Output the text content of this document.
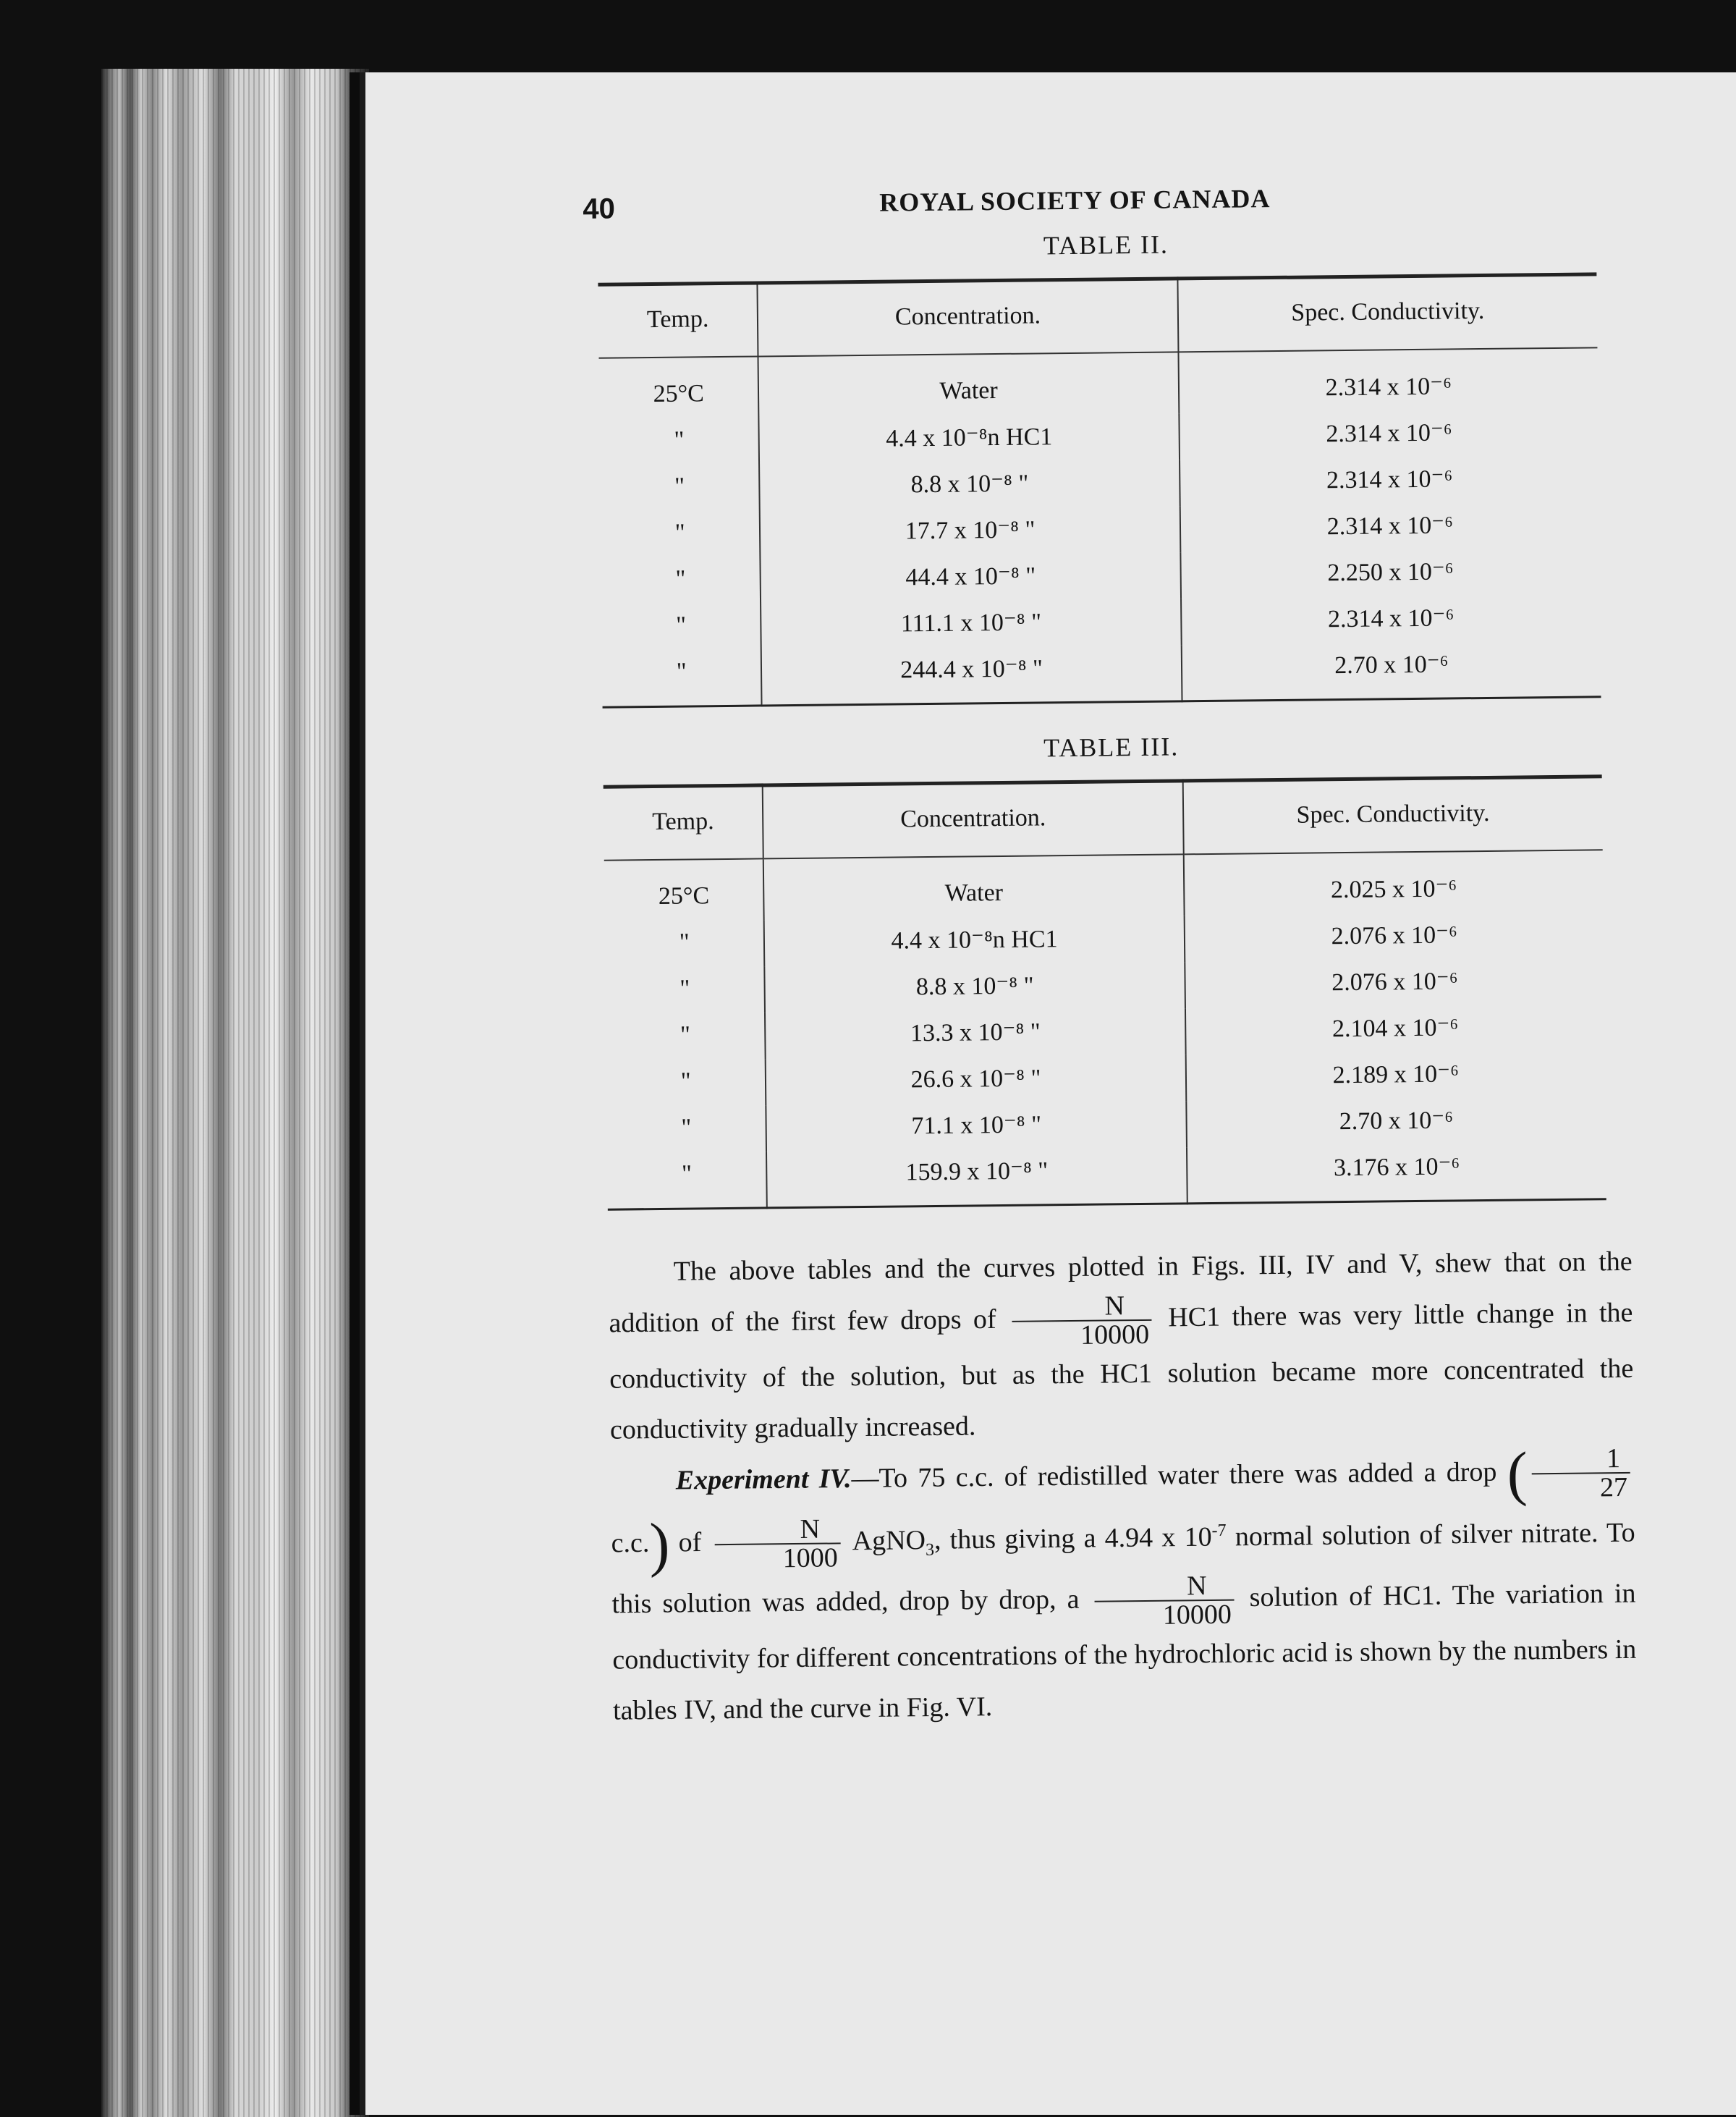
40	ROYAL SOCIETY OF CANADA
TABLE II.
Temp.	Concentration.	Spec. Conductivity.
25°C	Water	2.314 x 10⁻⁶
"	4.4 x 10⁻⁸n HC1	2.314 x 10⁻⁶
"	8.8 x 10⁻⁸ "	2.314 x 10⁻⁶
"	17.7 x 10⁻⁸ "	2.314 x 10⁻⁶
"	44.4 x 10⁻⁸ "	2.250 x 10⁻⁶
"	111.1 x 10⁻⁸ "	2.314 x 10⁻⁶
"	244.4 x 10⁻⁸ "	2.70 x 10⁻⁶
TABLE III.
Temp.	Concentration.	Spec. Conductivity.
25°C	Water	2.025 x 10⁻⁶
"	4.4 x 10⁻⁸n HC1	2.076 x 10⁻⁶
"	8.8 x 10⁻⁸ "	2.076 x 10⁻⁶
"	13.3 x 10⁻⁸ "	2.104 x 10⁻⁶
"	26.6 x 10⁻⁸ "	2.189 x 10⁻⁶
"	71.1 x 10⁻⁸ "	2.70 x 10⁻⁶
"	159.9 x 10⁻⁸ "	3.176 x 10⁻⁶

The above tables and the curves plotted in Figs. III, IV and V, shew that on the addition of the first few drops of $\frac{N}{10000} HC1$ there was very little change in the conductivity of the solution, but as the HC1 solution became more concentrated the conductivity gradually increased.

Experiment IV.—To 75 c.c. of redistilled water there was added a drop ( $\frac{1}{27}$
c.c.) of $\frac{N}{1000}$ AgNO$_3$, thus giving a 4.94 x $10^{-7}$ normal solution of silver nitrate. To this solution was added, drop by drop, a $\frac{N}{10000}$ solution of HC1. The variation in conductivity for different concentrations of the hydrochloric acid is shown by the numbers in tables IV, and the curve in Fig. VI.
